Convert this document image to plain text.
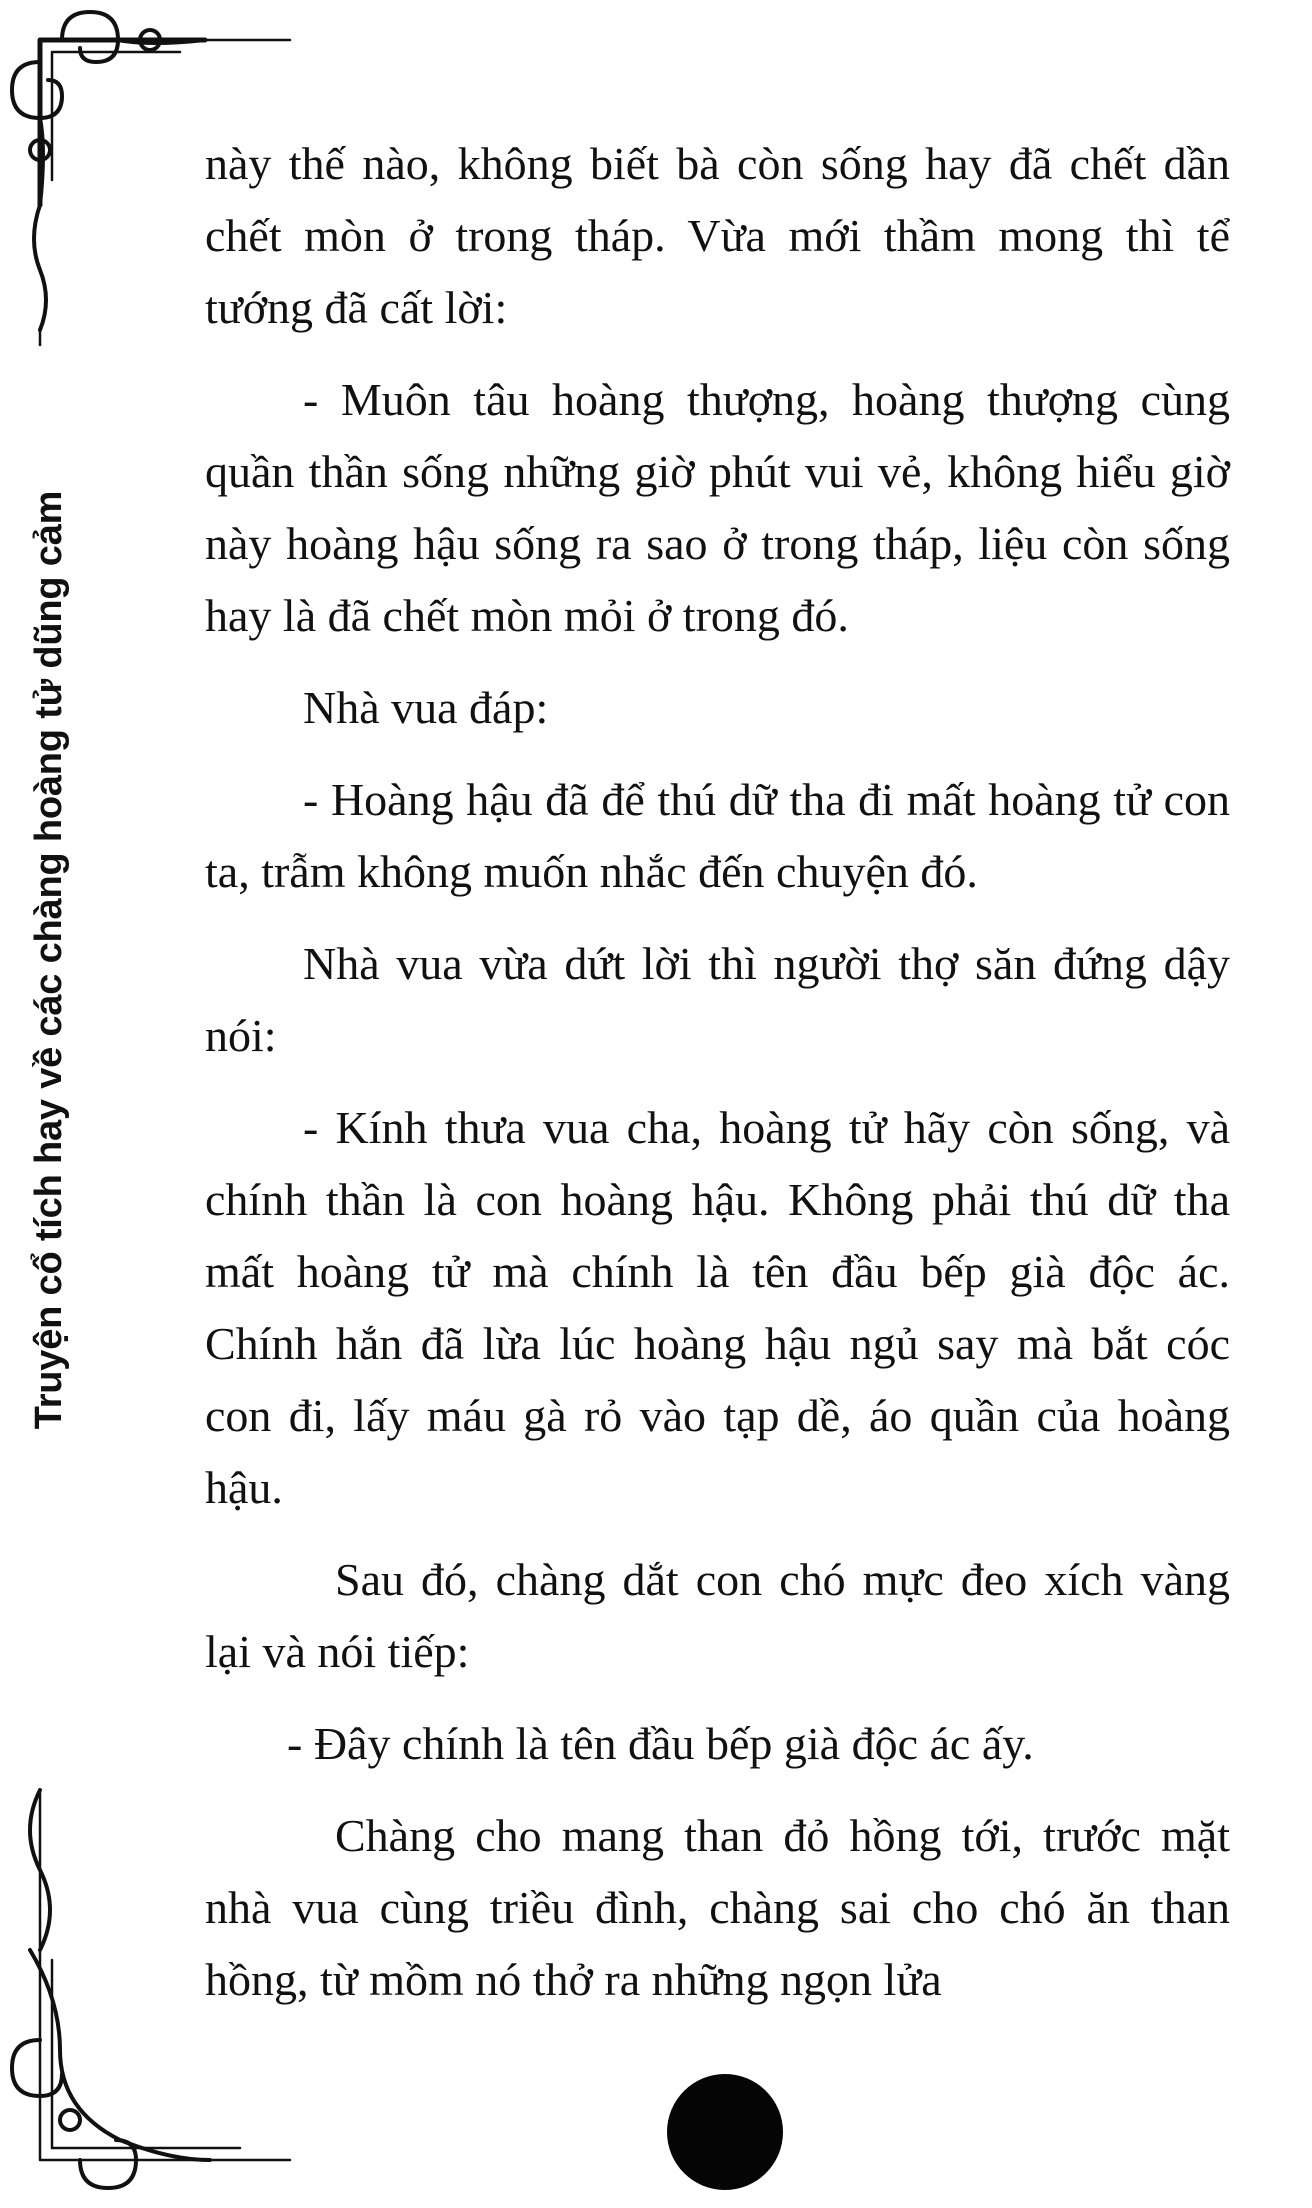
Truyện cổ tích hay về các chàng hoàng tử dũng cảm

này thế nào, không biết bà còn sống hay đã chết dần chết mòn ở trong tháp. Vừa mới thầm mong thì tể tướng đã cất lời:

- Muôn tâu hoàng thượng, hoàng thượng cùng quần thần sống những giờ phút vui vẻ, không hiểu giờ này hoàng hậu sống ra sao ở trong tháp, liệu còn sống hay là đã chết mòn mỏi ở trong đó.

Nhà vua đáp:

- Hoàng hậu đã để thú dữ tha đi mất hoàng tử con ta, trẫm không muốn nhắc đến chuyện đó.

Nhà vua vừa dứt lời thì người thợ săn đứng dậy nói:

- Kính thưa vua cha, hoàng tử hãy còn sống, và chính thần là con hoàng hậu. Không phải thú dữ tha mất hoàng tử mà chính là tên đầu bếp già độc ác. Chính hắn đã lừa lúc hoàng hậu ngủ say mà bắt cóc con đi, lấy máu gà rỏ vào tạp dề, áo quần của hoàng hậu.

Sau đó, chàng dắt con chó mực đeo xích vàng lại và nói tiếp:

- Đây chính là tên đầu bếp già độc ác ấy.

Chàng cho mang than đỏ hồng tới, trước mặt nhà vua cùng triều đình, chàng sai cho chó ăn than hồng, từ mồm nó thở ra những ngọn lửa

58
